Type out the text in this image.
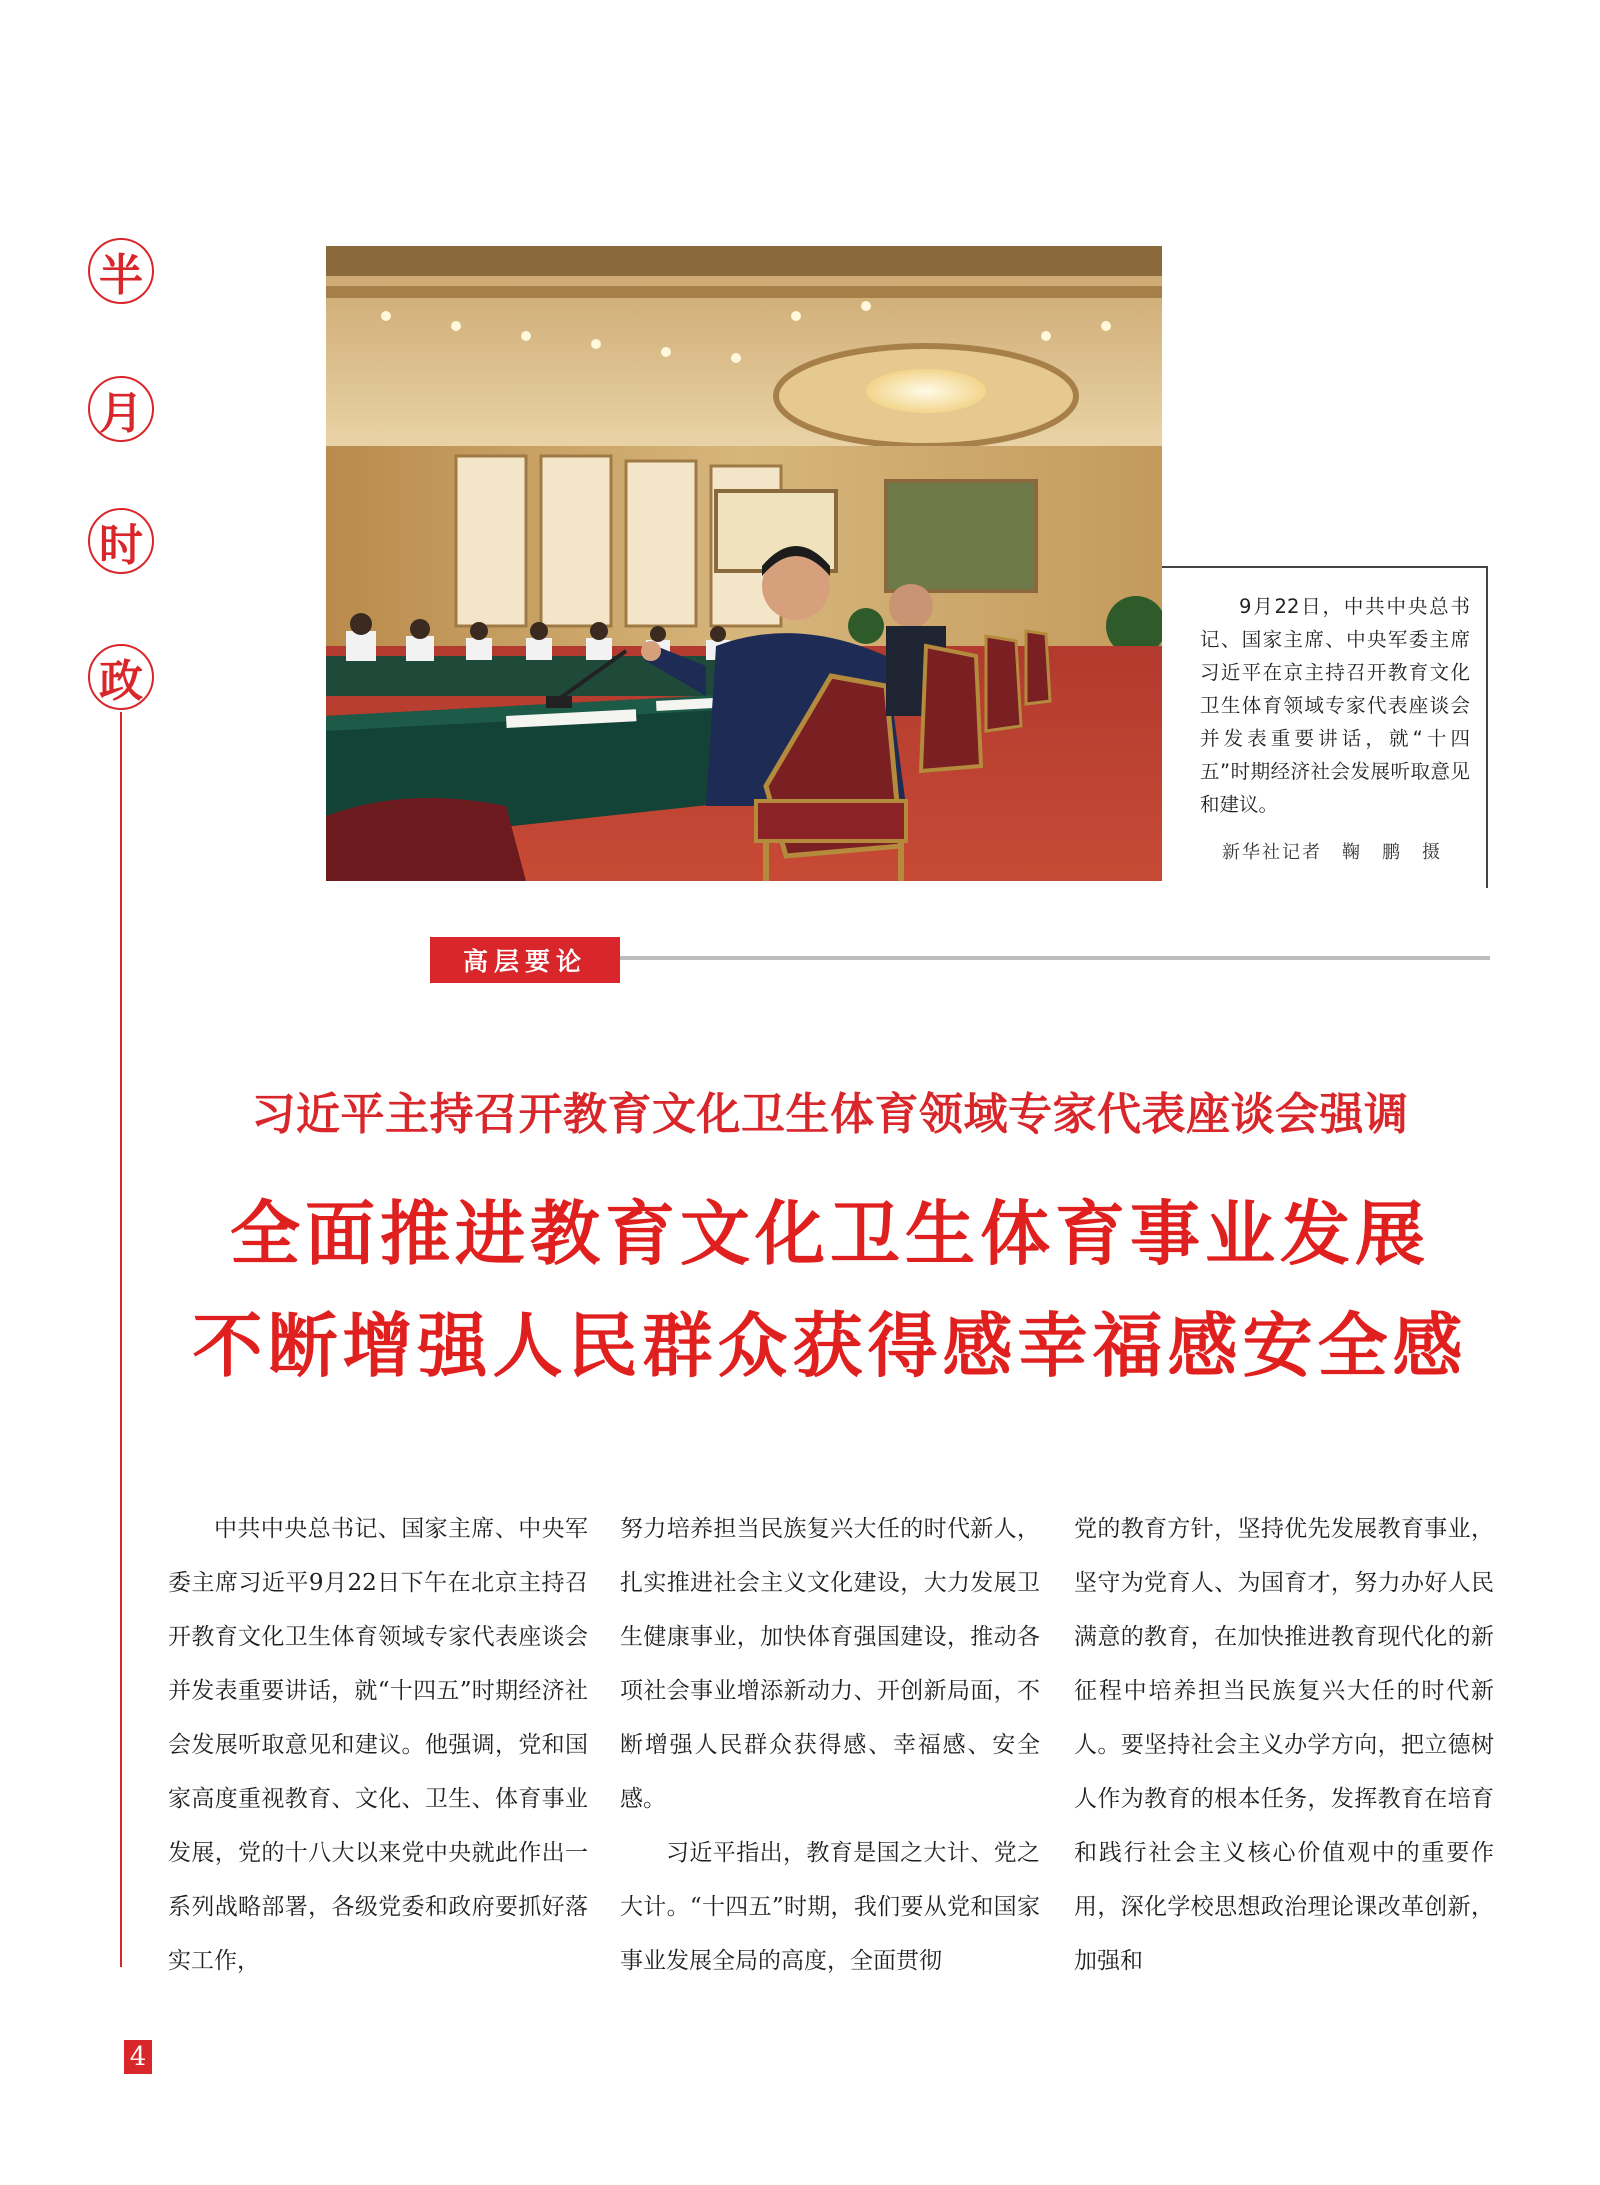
半
月
时
政
9月22日，中共中央总书记、国家主席、中央军委主席习近平在京主持召开教育文化卫生体育领域专家代表座谈会并发表重要讲话，就“十四五”时期经济社会发展听取意见和建议。
新华社记者　鞠　鹏　摄
高层要论
习近平主持召开教育文化卫生体育领域专家代表座谈会强调
全面推进教育文化卫生体育事业发展
不断增强人民群众获得感幸福感安全感

中共中央总书记、国家主席、中央军委主席习近平9月22日下午在北京主持召开教育文化卫生体育领域专家代表座谈会并发表重要讲话，就“十四五”时期经济社会发展听取意见和建议。他强调，党和国家高度重视教育、文化、卫生、体育事业发展，党的十八大以来党中央就此作出一系列战略部署，各级党委和政府要抓好落实工作，

努力培养担当民族复兴大任的时代新人，扎实推进社会主义文化建设，大力发展卫生健康事业，加快体育强国建设，推动各项社会事业增添新动力、开创新局面，不断增强人民群众获得感、幸福感、安全感。

习近平指出，教育是国之大计、党之大计。“十四五”时期，我们要从党和国家事业发展全局的高度，全面贯彻

党的教育方针，坚持优先发展教育事业，坚守为党育人、为国育才，努力办好人民满意的教育，在加快推进教育现代化的新征程中培养担当民族复兴大任的时代新人。要坚持社会主义办学方向，把立德树人作为教育的根本任务，发挥教育在培育和践行社会主义核心价值观中的重要作用，深化学校思想政治理论课改革创新，加强和

4
